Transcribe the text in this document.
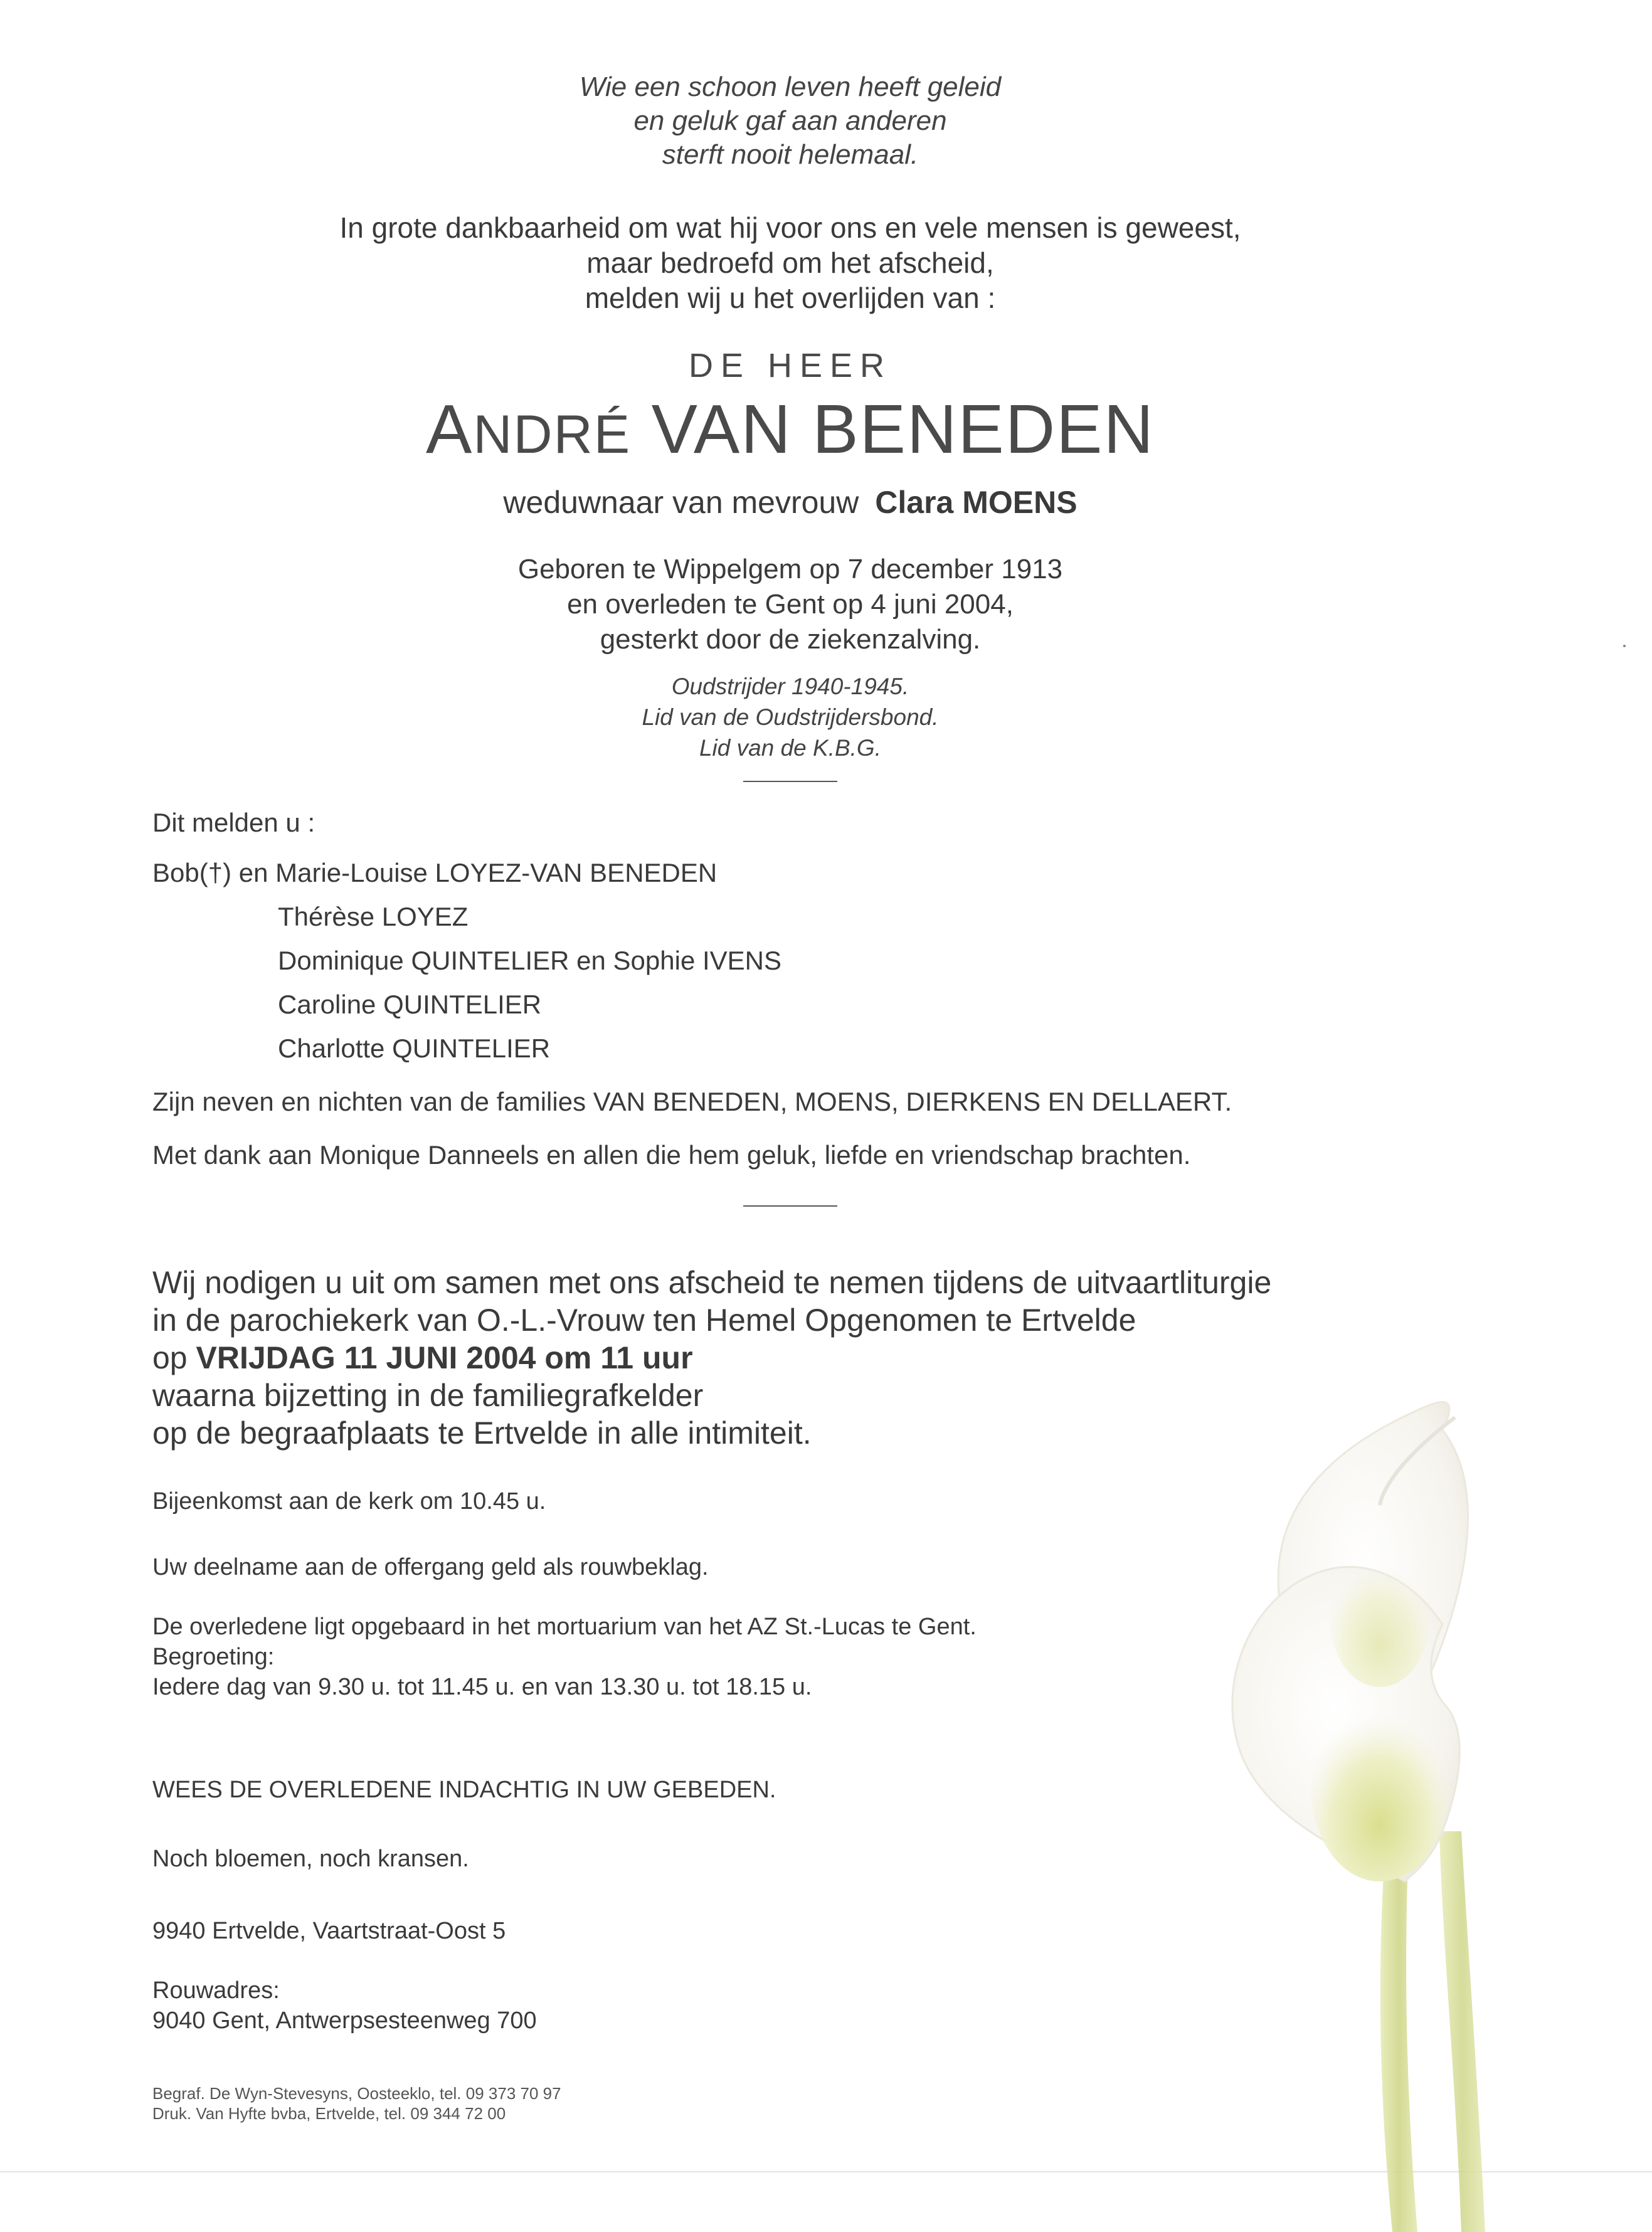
Wie een schoon leven heeft geleid
en geluk gaf aan anderen
sterft nooit helemaal.
In grote dankbaarheid om wat hij voor ons en vele mensen is geweest,
maar bedroefd om het afscheid,
melden wij u het overlijden van :
DE HEER
ANDRÉ VAN BENEDEN
weduwnaar van mevrouw Clara MOENS
Geboren te Wippelgem op 7 december 1913
en overleden te Gent op 4 juni 2004,
gesterkt door de ziekenzalving.
Oudstrijder 1940-1945.
Lid van de Oudstrijdersbond.
Lid van de K.B.G.
Dit melden u :
Bob(†) en Marie-Louise LOYEZ-VAN BENEDEN
Thérèse LOYEZ
Dominique QUINTELIER en Sophie IVENS
Caroline QUINTELIER
Charlotte QUINTELIER
Zijn neven en nichten van de families VAN BENEDEN, MOENS, DIERKENS EN DELLAERT.
Met dank aan Monique Danneels en allen die hem geluk, liefde en vriendschap brachten.
Wij nodigen u uit om samen met ons afscheid te nemen tijdens de uitvaartliturgie
in de parochiekerk van O.-L.-Vrouw ten Hemel Opgenomen te Ertvelde
op VRIJDAG 11 JUNI 2004 om 11 uur
waarna bijzetting in de familiegrafkelder
op de begraafplaats te Ertvelde in alle intimiteit.
Bijeenkomst aan de kerk om 10.45 u.
Uw deelname aan de offergang geld als rouwbeklag.
De overledene ligt opgebaard in het mortuarium van het AZ St.-Lucas te Gent.
Begroeting:
Iedere dag van 9.30 u. tot 11.45 u. en van 13.30 u. tot 18.15 u.
WEES DE OVERLEDENE INDACHTIG IN UW GEBEDEN.
Noch bloemen, noch kransen.
9940 Ertvelde, Vaartstraat-Oost 5
Rouwadres:
9040 Gent, Antwerpsesteenweg 700
Begraf. De Wyn-Stevesyns, Oosteeklo, tel. 09 373 70 97
Druk. Van Hyfte bvba, Ertvelde, tel. 09 344 72 00
